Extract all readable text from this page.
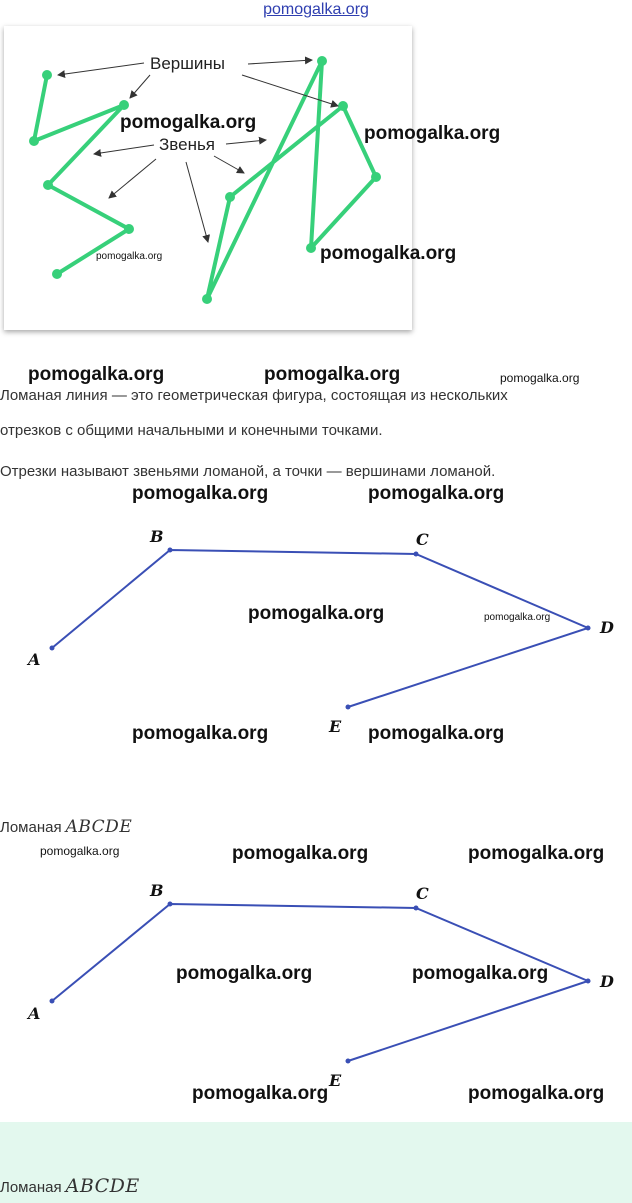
pomogalka.org
Вершины
Звенья
Ломаная линия — это геометрическая фигура, состоящая из нескольких
отрезков с общими начальными и конечными точками.
Отрезки называют звеньями ломаной, а точки — вершинами ломаной.
A
B	C
D
E
Ломаная ABCDE
A
B	C
D
E
Ломаная ABCDE
pomogalka.org
pomogalka.org
pomogalka.org	pomogalka.org
pomogalka.org	pomogalka.org	pomogalka.org
pomogalka.org	pomogalka.org
pomogalka.org	pomogalka.org
pomogalka.org	pomogalka.org
pomogalka.org	pomogalka.org	pomogalka.org
pomogalka.org	pomogalka.org
pomogalka.org	pomogalka.org
